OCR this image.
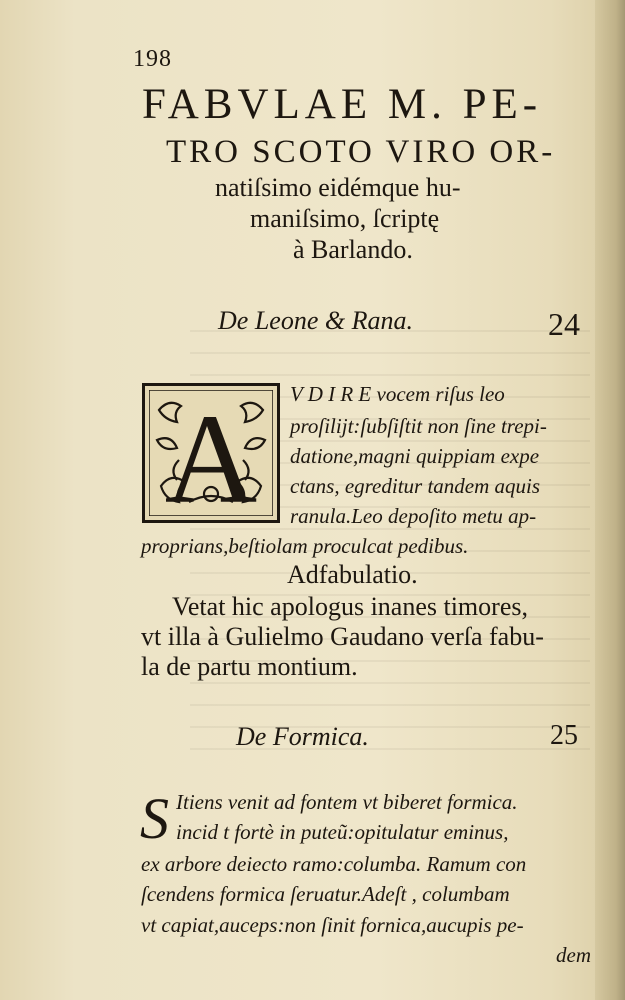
198
FABVLAE M. PE-
TRO SCOTO VIRO OR-
natiſsimo eidémque hu-
maniſsimo, ſcriptę
à Barlando.
De Leone & Rana.	24
A V D I R E vocem riſus leo
proſilijt:ſubſiſtit non ſine trepi-
datione,magni quippiam expe
ctans, egreditur tandem aquis
ranula.Leo depoſito metu ap-
proprians,beſtiolam proculcat pedibus.
Adfabulatio.
Vetat hic apologus inanes timores,
vt illa à Gulielmo Gaudano verſa fabu-
la de partu montium.
De Formica.	25
S Itiens venit ad fontem vt biberet formica.
incid t fortè in puteũ:opitulatur eminus,
ex arbore deiecto ramo:columba. Ramum con
ſcendens formica ſeruatur.Adeſt , columbam
vt capiat,auceps:non ſinit fornica,aucupis pe-
dem
